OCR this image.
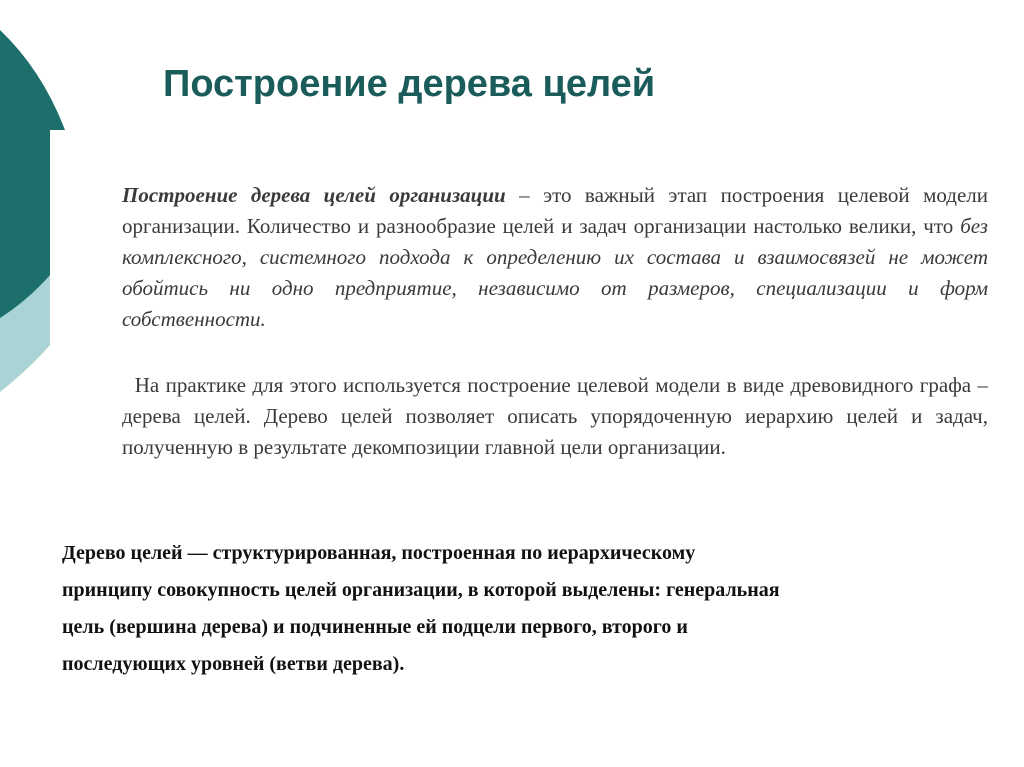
Построение дерева целей

Построение дерева целей организации – это важный этап построения целевой модели организации. Количество и разнообразие целей и задач организации настолько велики, что без комплексного, системного подхода к определению их состава и взаимосвязей не может обойтись ни одно предприятие, независимо от размеров, специализации и форм собственности.

На практике для этого используется построение целевой модели в виде древовидного графа – дерева целей. Дерево целей позволяет описать упорядоченную иерархию целей и задач, полученную в результате декомпозиции главной цели организации.

Дерево целей — структурированная, построенная по иерархическому
принципу совокупность целей организации, в которой выделены: генеральная
цель (вершина дерева) и подчиненные ей подцели первого, второго и
последующих уровней (ветви дерева).
